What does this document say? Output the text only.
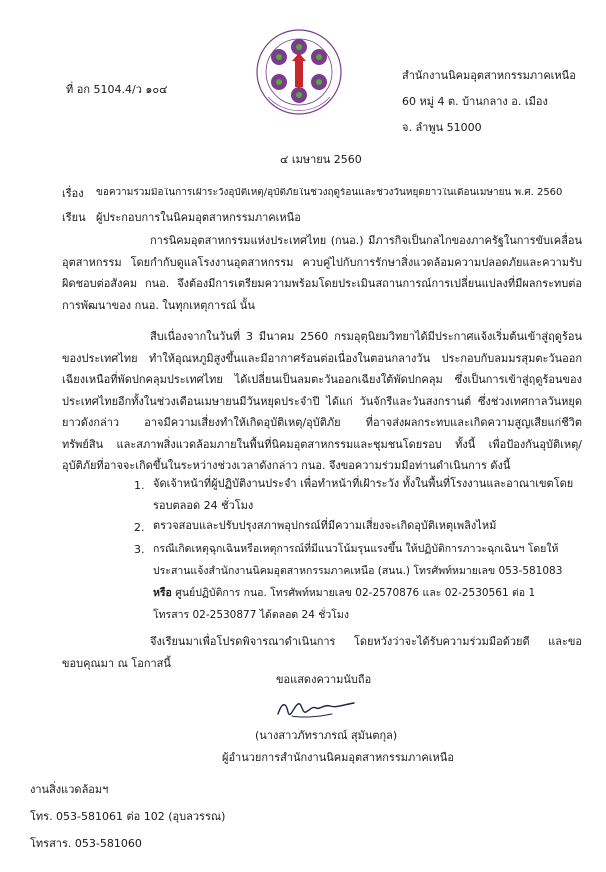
ที่ อก 5104.4/ว ๑๐๔
สำนักงานนิคมอุตสาหกรรมภาคเหนือ
60 หมู่ 4 ต. บ้านกลาง อ. เมือง
จ. ลำพูน 51000
๔ เมษายน 2560
เรื่อง ขอความร่วมมือในการเฝ้าระวังอุบัติเหตุ/อุบัติภัยในช่วงฤดูร้อนและช่วงวันหยุดยาวในเดือนเมษายน พ.ศ. 2560
เรียน ผู้ประกอบการในนิคมอุตสาหกรรมภาคเหนือ
การนิคมอุตสาหกรรมแห่งประเทศไทย (กนอ.) มีภารกิจเป็นกลไกของภาครัฐในการขับเคลื่อนอุตสาหกรรม โดยกำกับดูแลโรงงานอุตสาหกรรม ควบคู่ไปกับการรักษาสิ่งแวดล้อมความปลอดภัยและความรับผิดชอบต่อสังคม กนอ. จึงต้องมีการเตรียมความพร้อมโดยประเมินสถานการณ์การเปลี่ยนแปลงที่มีผลกระทบต่อการพัฒนาของ กนอ. ในทุกเหตุการณ์ นั้น
สืบเนื่องจากในวันที่ 3 มีนาคม 2560 กรมอุตุนิยมวิทยาได้มีประกาศแจ้งเริ่มต้นเข้าสู่ฤดูร้อนของประเทศไทย ทำให้อุณหภูมิสูงขึ้นและมีอากาศร้อนต่อเนื่องในตอนกลางวัน ประกอบกับลมมรสุมตะวันออกเฉียงเหนือที่พัดปกคลุมประเทศไทย ได้เปลี่ยนเป็นลมตะวันออกเฉียงใต้พัดปกคลุม ซึ่งเป็นการเข้าสู่ฤดูร้อนของประเทศไทยอีกทั้งในช่วงเดือนเมษายนมีวันหยุดประจำปี ได้แก่ วันจักรีและวันสงกรานต์ ซึ่งช่วงเทศกาลวันหยุดยาวดังกล่าว อาจมีความเสี่ยงทำให้เกิดอุบัติเหตุ/อุบัติภัย ที่อาจส่งผลกระทบและเกิดความสูญเสียแก่ชีวิต ทรัพย์สิน และสภาพสิ่งแวดล้อมภายในพื้นที่นิคมอุตสาหกรรมและชุมชนโดยรอบ ทั้งนี้ เพื่อป้องกันอุบัติเหตุ/อุบัติภัยที่อาจจะเกิดขึ้นในระหว่างช่วงเวลาดังกล่าว กนอ. จึงขอความร่วมมือท่านดำเนินการ ดังนี้
1. จัดเจ้าหน้าที่ผู้ปฏิบัติงานประจำ เพื่อทำหน้าที่เฝ้าระวัง ทั้งในพื้นที่โรงงานและอาณาเขตโดยรอบตลอด 24 ชั่วโมง
2. ตรวจสอบและปรับปรุงสภาพอุปกรณ์ที่มีความเสี่ยงจะเกิดอุบัติเหตุเพลิงไหม้
3. กรณีเกิดเหตุฉุกเฉินหรือเหตุการณ์ที่มีแนวโน้มรุนแรงขึ้น ให้ปฏิบัติการภาวะฉุกเฉินฯ โดยให้
ประสานแจ้งสำนักงานนิคมอุตสาหกรรมภาคเหนือ (สนน.) โทรศัพท์หมายเลข 053-581083
หรือ ศูนย์ปฏิบัติการ กนอ. โทรศัพท์หมายเลข 02-2570876 และ 02-2530561 ต่อ 1
โทรสาร 02-2530877 ได้ตลอด 24 ชั่วโมง
จึงเรียนมาเพื่อโปรดพิจารณาดำเนินการ โดยหวังว่าจะได้รับความร่วมมือด้วยดี และขอขอบคุณมา ณ โอกาสนี้
ขอแสดงความนับถือ
(นางสาวภัทราภรณ์ สุมันตกุล)
ผู้อำนวยการสำนักงานนิคมอุตสาหกรรมภาคเหนือ
งานสิ่งแวดล้อมฯ
โทร. 053-581061 ต่อ 102 (อุบลวรรณ)
โทรสาร. 053-581060
